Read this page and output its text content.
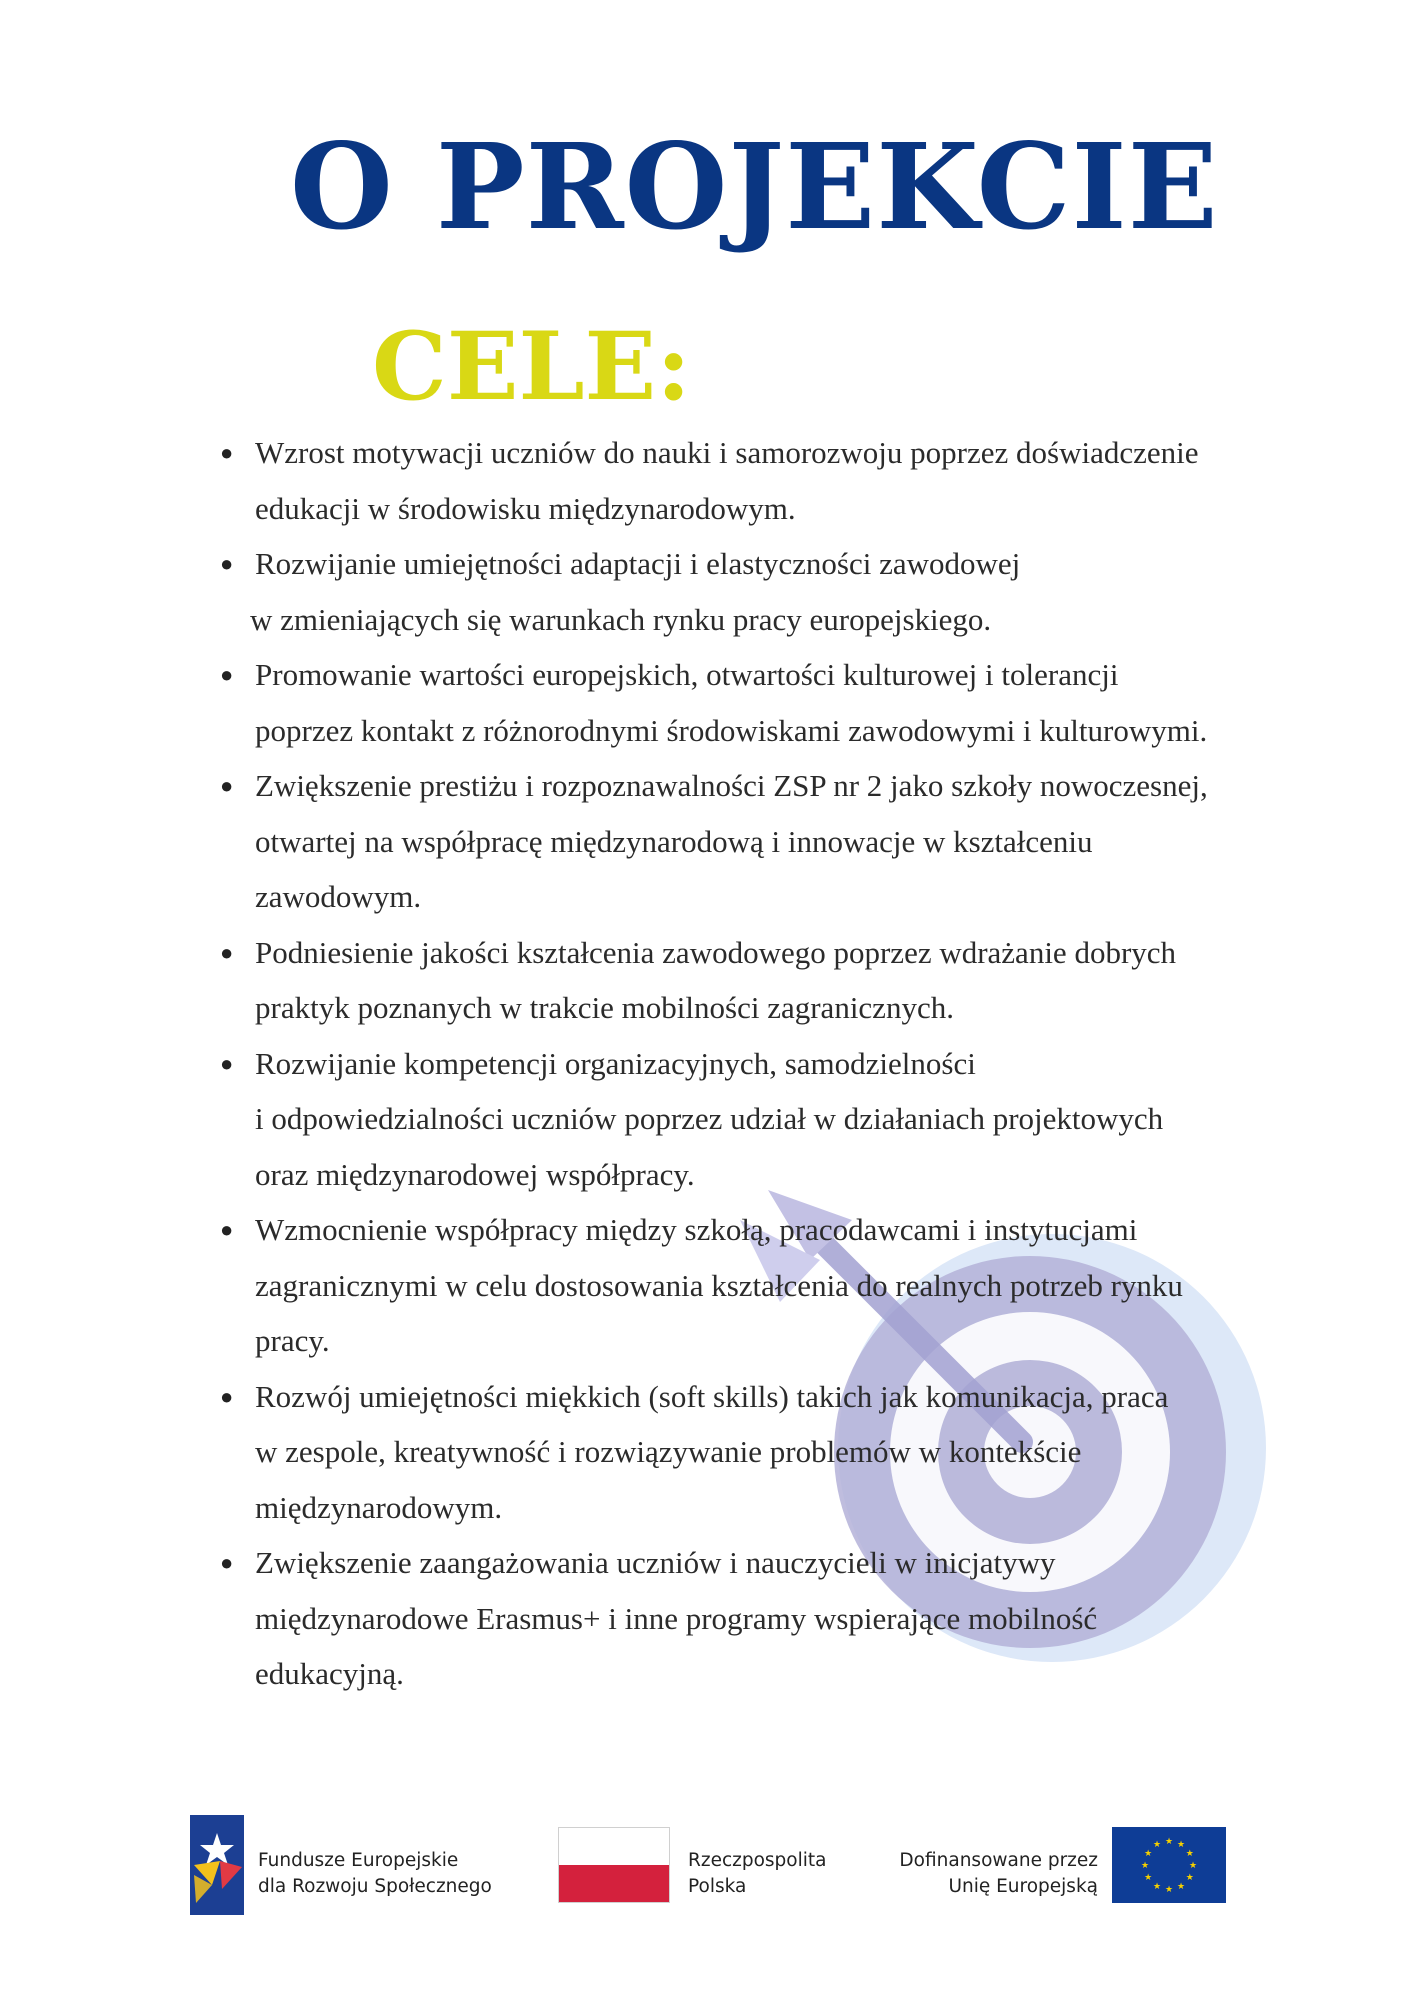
O PROJEKCIE
CELE:
● Wzrost motywacji uczniów do nauki i samorozwoju poprzez doświadczenie
edukacji w środowisku międzynarodowym.
● Rozwijanie umiejętności adaptacji i elastyczności zawodowej
w zmieniających się warunkach rynku pracy europejskiego.
● Promowanie wartości europejskich, otwartości kulturowej i tolerancji
poprzez kontakt z różnorodnymi środowiskami zawodowymi i kulturowymi.
● Zwiększenie prestiżu i rozpoznawalności ZSP nr 2 jako szkoły nowoczesnej,
otwartej na współpracę międzynarodową i innowacje w kształceniu
zawodowym.
● Podniesienie jakości kształcenia zawodowego poprzez wdrażanie dobrych
praktyk poznanych w trakcie mobilności zagranicznych.
● Rozwijanie kompetencji organizacyjnych, samodzielności
i odpowiedzialności uczniów poprzez udział w działaniach projektowych
oraz międzynarodowej współpracy.
● Wzmocnienie współpracy między szkołą, pracodawcami i instytucjami
zagranicznymi w celu dostosowania kształcenia do realnych potrzeb rynku
pracy.
● Rozwój umiejętności miękkich (soft skills) takich jak komunikacja, praca
w zespole, kreatywność i rozwiązywanie problemów w kontekście
międzynarodowym.
● Zwiększenie zaangażowania uczniów i nauczycieli w inicjatywy
międzynarodowe Erasmus+ i inne programy wspierające mobilność
edukacyjną.
Fundusze Europejskie
dla Rozwoju Społecznego
Rzeczpospolita
Polska
Dofinansowane przez
Unię Europejską
★ ★
★
★
★
★
★
★
★
★
★
★
